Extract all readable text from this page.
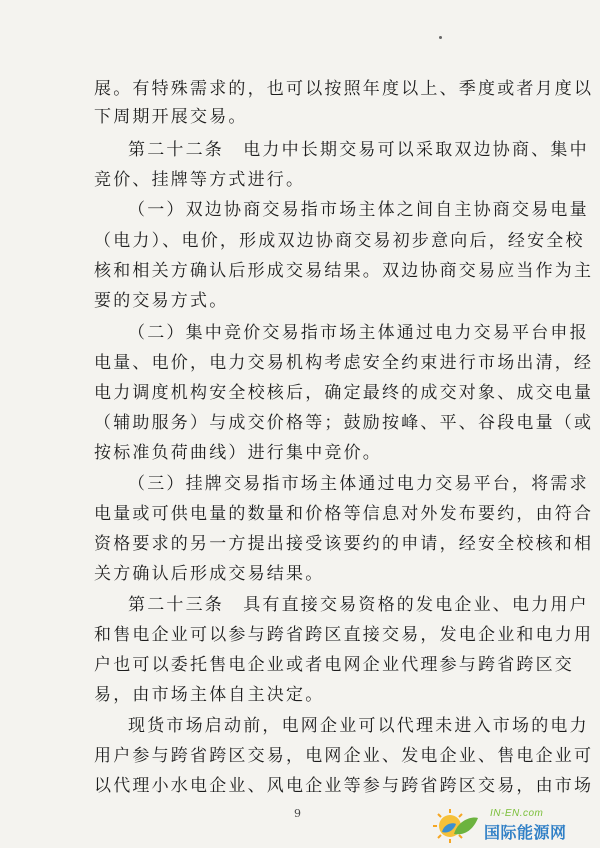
展。有特殊需求的，也可以按照年度以上、季度或者月度以
下周期开展交易。
第二十二条　电力中长期交易可以采取双边协商、集中
竞价、挂牌等方式进行。
（一）双边协商交易指市场主体之间自主协商交易电量
（电力）、电价，形成双边协商交易初步意向后，经安全校
核和相关方确认后形成交易结果。双边协商交易应当作为主
要的交易方式。
（二）集中竞价交易指市场主体通过电力交易平台申报
电量、电价，电力交易机构考虑安全约束进行市场出清，经
电力调度机构安全校核后，确定最终的成交对象、成交电量
（辅助服务）与成交价格等；鼓励按峰、平、谷段电量（或
按标准负荷曲线）进行集中竞价。
（三）挂牌交易指市场主体通过电力交易平台，将需求
电量或可供电量的数量和价格等信息对外发布要约，由符合
资格要求的另一方提出接受该要约的申请，经安全校核和相
关方确认后形成交易结果。
第二十三条　具有直接交易资格的发电企业、电力用户
和售电企业可以参与跨省跨区直接交易，发电企业和电力用
户也可以委托售电企业或者电网企业代理参与跨省跨区交
易，由市场主体自主决定。
现货市场启动前，电网企业可以代理未进入市场的电力
用户参与跨省跨区交易，电网企业、发电企业、售电企业可
以代理小水电企业、风电企业等参与跨省跨区交易，由市场
9	IN-EN.com
国际能源网
